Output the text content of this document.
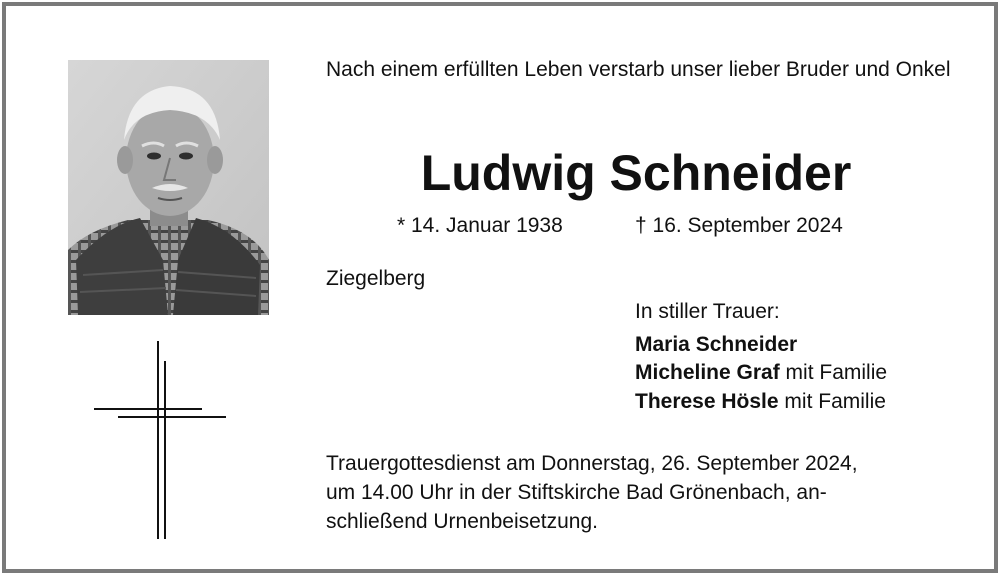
Nach einem erfüllten Leben verstarb unser lieber Bruder und Onkel
Ludwig Schneider
* 14. Januar 1938	† 16. September 2024
Ziegelberg
In stiller Trauer:
Maria Schneider
Micheline Graf mit Familie
Therese Hösle mit Familie
Trauergottesdienst am Donnerstag, 26. September 2024,
um 14.00 Uhr in der Stiftskirche Bad Grönenbach, an-
schließend Urnenbeisetzung.
